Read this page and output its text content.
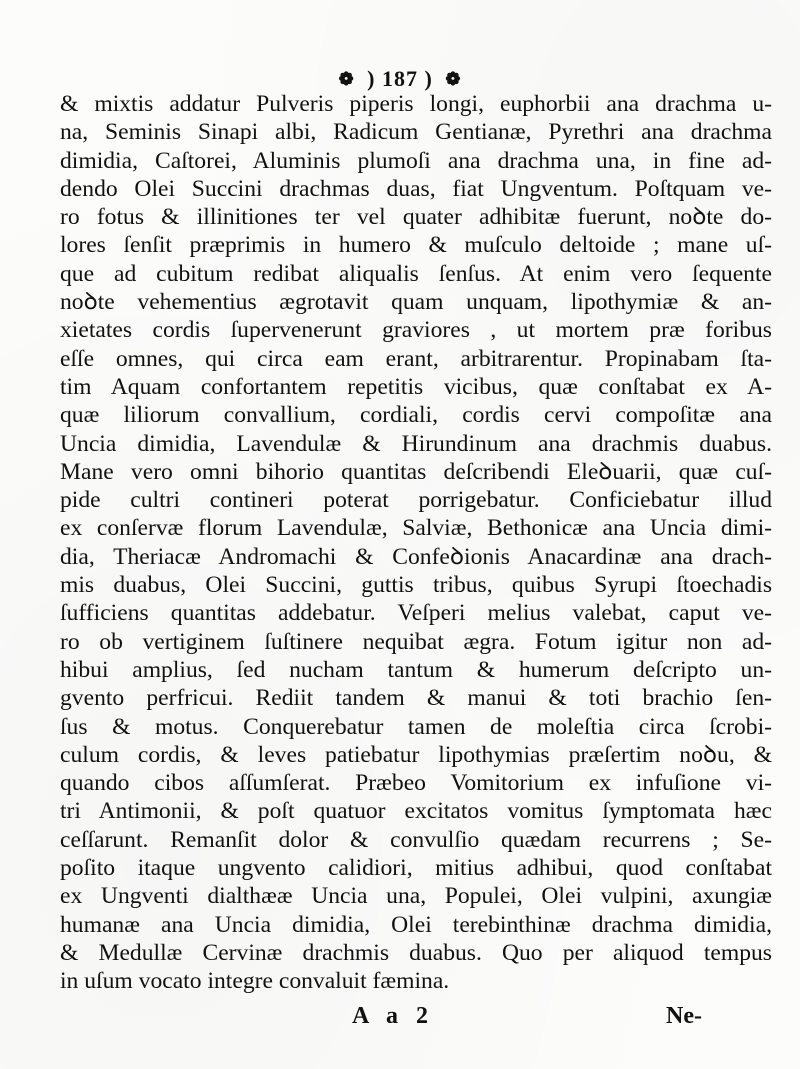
❁ ) 187 ) ❁
& mixtis addatur Pulveris piperis longi, euphorbii ana drachma u-
na, Seminis Sinapi albi, Radicum Gentianæ, Pyrethri ana drachma
dimidia, Caſtorei, Aluminis plumoſi ana drachma una, in fine ad-
dendo Olei Succini drachmas duas, fiat Ungventum. Poſtquam ve-
ro fotus & illinitiones ter vel quater adhibitæ fuerunt, noꝺte do-
lores ſenſit præprimis in humero & muſculo deltoide ; mane uſ-
que ad cubitum redibat aliqualis ſenſus. At enim vero ſequente
noꝺte vehementius ægrotavit quam unquam, lipothymiæ & an-
xietates cordis ſupervenerunt graviores , ut mortem præ foribus
eſſe omnes, qui circa eam erant, arbitrarentur. Propinabam ſta-
tim Aquam confortantem repetitis vicibus, quæ conſtabat ex A-
quæ liliorum convallium, cordiali, cordis cervi compoſitæ ana
Uncia dimidia, Lavendulæ & Hirundinum ana drachmis duabus.
Mane vero omni bihorio quantitas deſcribendi Eleꝺuarii, quæ cuſ-
pide cultri contineri poterat porrigebatur. Conficiebatur illud
ex conſervæ florum Lavendulæ, Salviæ, Bethonicæ ana Uncia dimi-
dia, Theriacæ Andromachi & Confeꝺionis Anacardinæ ana drach-
mis duabus, Olei Succini, guttis tribus, quibus Syrupi ſtoechadis
ſufficiens quantitas addebatur. Veſperi melius valebat, caput ve-
ro ob vertiginem ſuſtinere nequibat ægra. Fotum igitur non ad-
hibui amplius, ſed nucham tantum & humerum deſcripto un-
gvento perfricui. Rediit tandem & manui & toti brachio ſen-
ſus & motus. Conquerebatur tamen de moleſtia circa ſcrobi-
culum cordis, & leves patiebatur lipothymias præſertim noꝺu, &
quando cibos aſſumſerat. Præbeo Vomitorium ex infuſione vi-
tri Antimonii, & poſt quatuor excitatos vomitus ſymptomata hæc
ceſſarunt. Remanſit dolor & convulſio quædam recurrens ; Se-
poſito itaque ungvento calidiori, mitius adhibui, quod conſtabat
ex Ungventi dialthææ Uncia una, Populei, Olei vulpini, axungiæ
humanæ ana Uncia dimidia, Olei terebinthinæ drachma dimidia,
& Medullæ Cervinæ drachmis duabus. Quo per aliquod tempus
in uſum vocato integre convaluit fæmina.
A a 2	Ne-
